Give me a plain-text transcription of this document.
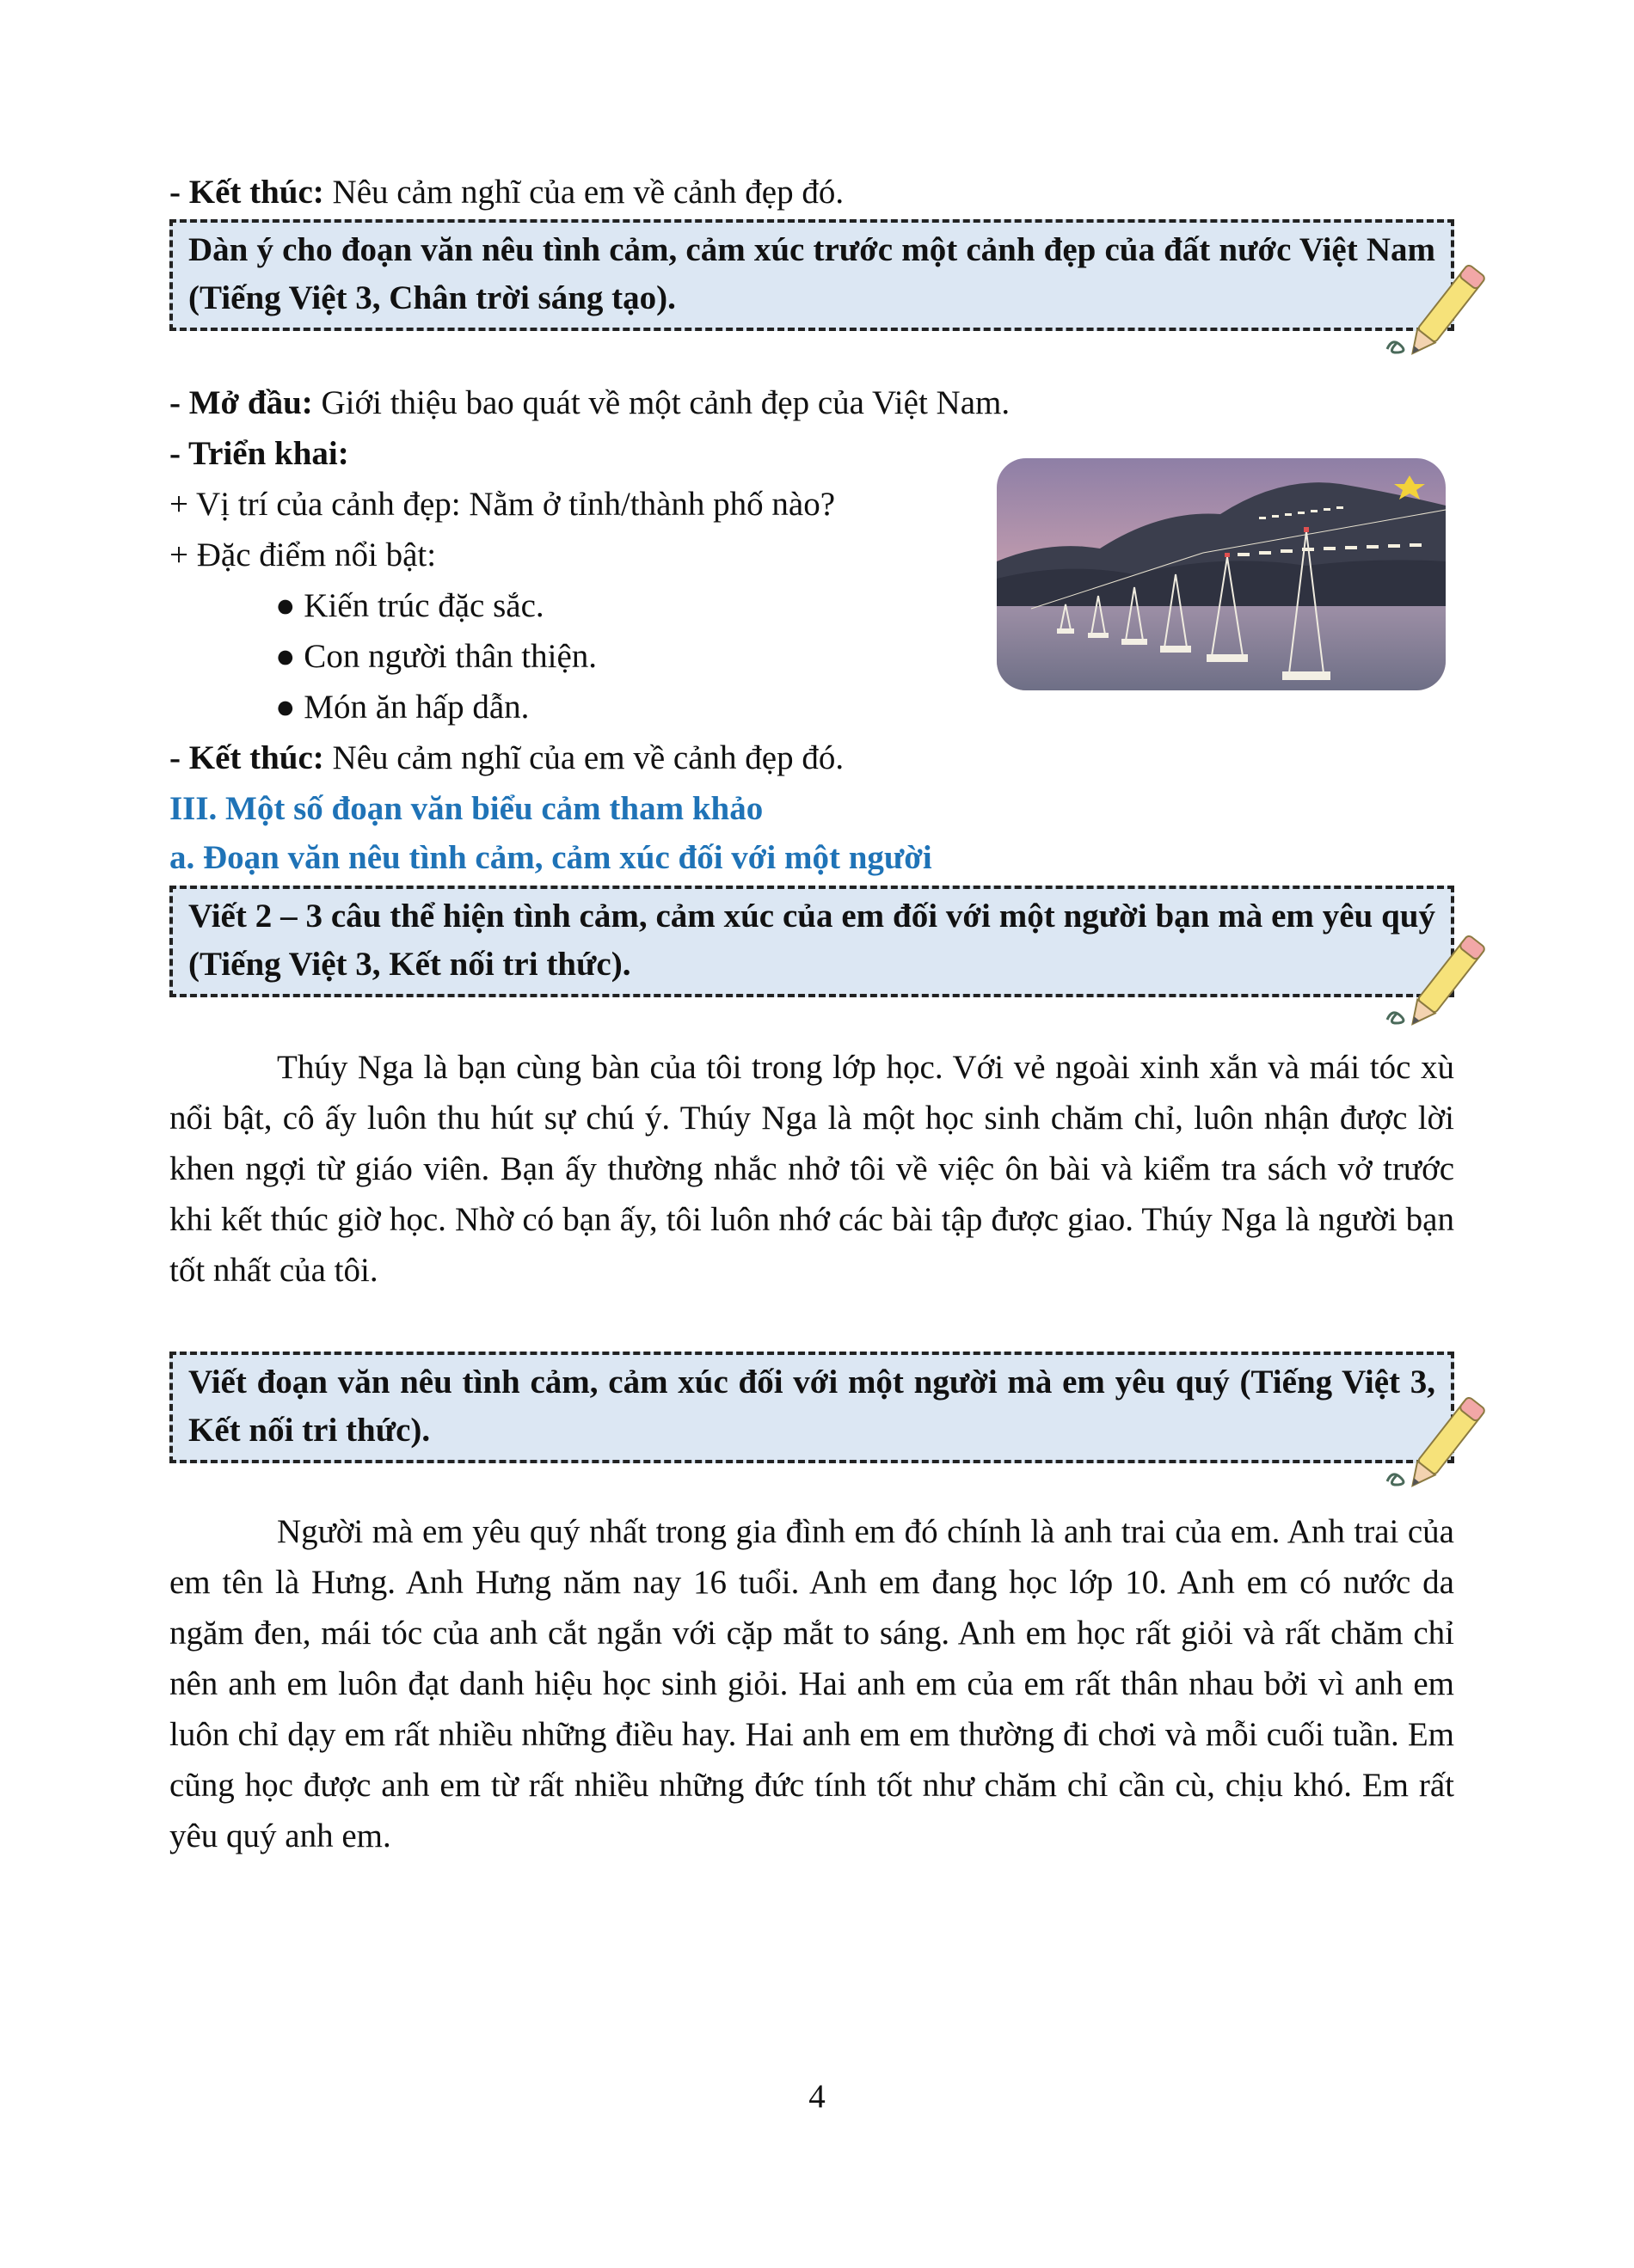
- Kết thúc: Nêu cảm nghĩ của em về cảnh đẹp đó.
Dàn ý cho đoạn văn nêu tình cảm, cảm xúc trước một cảnh đẹp của đất nước Việt Nam (Tiếng Việt 3, Chân trời sáng tạo).
- Mở đầu: Giới thiệu bao quát về một cảnh đẹp của Việt Nam.
- Triển khai:
+ Vị trí của cảnh đẹp: Nằm ở tỉnh/thành phố nào?
+ Đặc điểm nổi bật:
● Kiến trúc đặc sắc.
● Con người thân thiện.
● Món ăn hấp dẫn.
- Kết thúc: Nêu cảm nghĩ của em về cảnh đẹp đó.
III. Một số đoạn văn biểu cảm tham khảo
a. Đoạn văn nêu tình cảm, cảm xúc đối với một người
Viết 2 – 3 câu thể hiện tình cảm, cảm xúc của em đối với một người bạn mà em yêu quý (Tiếng Việt 3, Kết nối tri thức).
Thúy Nga là bạn cùng bàn của tôi trong lớp học. Với vẻ ngoài xinh xắn và mái tóc xù nổi bật, cô ấy luôn thu hút sự chú ý. Thúy Nga là một học sinh chăm chỉ, luôn nhận được lời khen ngợi từ giáo viên. Bạn ấy thường nhắc nhở tôi về việc ôn bài và kiểm tra sách vở trước khi kết thúc giờ học. Nhờ có bạn ấy, tôi luôn nhớ các bài tập được giao. Thúy Nga là người bạn tốt nhất của tôi.
Viết đoạn văn nêu tình cảm, cảm xúc đối với một người mà em yêu quý (Tiếng Việt 3, Kết nối tri thức).
Người mà em yêu quý nhất trong gia đình em đó chính là anh trai của em. Anh trai của em tên là Hưng. Anh Hưng năm nay 16 tuổi. Anh em đang học lớp 10. Anh em có nước da ngăm đen, mái tóc của anh cắt ngắn với cặp mắt to sáng. Anh em học rất giỏi và rất chăm chỉ nên anh em luôn đạt danh hiệu học sinh giỏi. Hai anh em của em rất thân nhau bởi vì anh em luôn chỉ dạy em rất nhiều những điều hay. Hai anh em em thường đi chơi và mỗi cuối tuần. Em cũng học được anh em từ rất nhiều những đức tính tốt như chăm chỉ cần cù, chịu khó. Em rất yêu quý anh em.
4
